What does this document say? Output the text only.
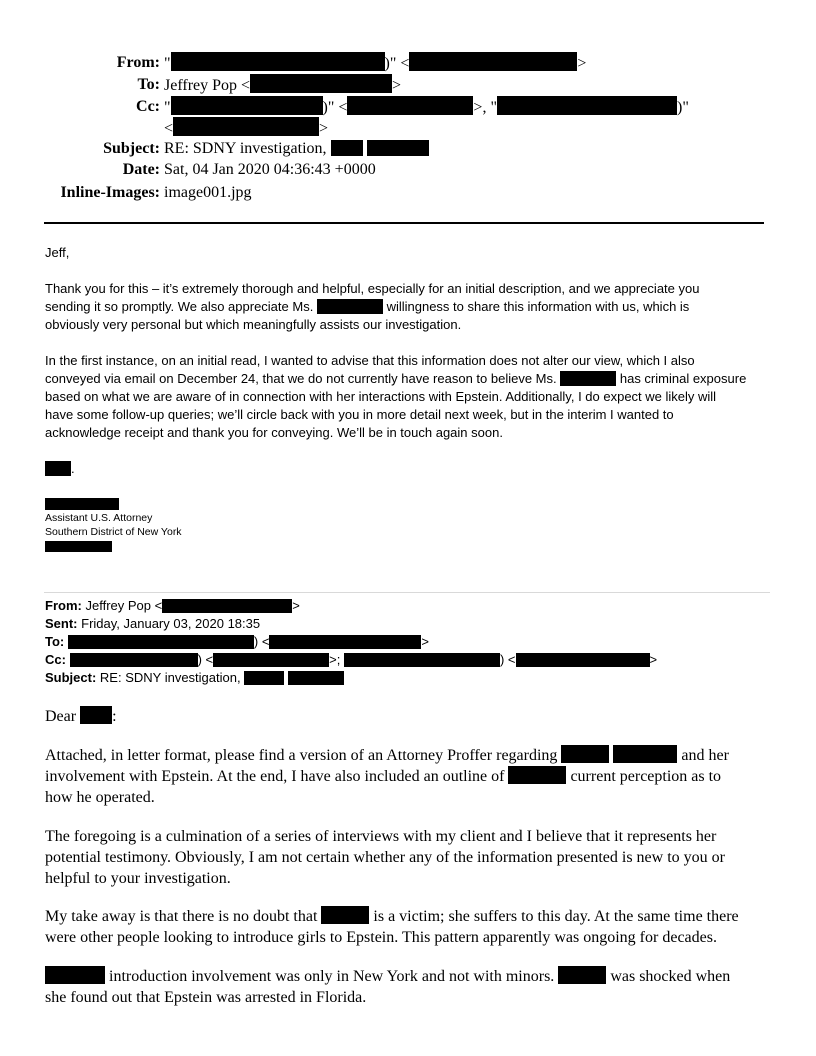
From: "	)" <	>
To: Jeffrey Pop <	>
Cc: "	)" <	>, "	)"
<	>
Subject: RE: SDNY investigation,
Date: Sat, 04 Jan 2020 04:36:43 +0000
Inline-Images: image001.jpg
Jeff,
Thank you for this – it’s extremely thorough and helpful, especially for an initial description, and we appreciate you
sending it so promptly. We also appreciate Ms.	willingness to share this information with us, which is
obviously very personal but which meaningfully assists our investigation.
In the first instance, on an initial read, I wanted to advise that this information does not alter our view, which I also
conveyed via email on December 24, that we do not currently have reason to believe Ms.	has criminal exposure
based on what we are aware of in connection with her interactions with Epstein. Additionally, I do expect we likely will
have some follow-up queries; we’ll circle back with you in more detail next week, but in the interim I wanted to
acknowledge receipt and thank you for conveying. We’ll be in touch again soon.
.
Assistant U.S. Attorney
Southern District of New York
From: Jeffrey Pop <	>
Sent: Friday, January 03, 2020 18:35
To:	) <	>
Cc:	) <	>;	) <	>
Subject: RE: SDNY investigation,
Dear :
Attached, in letter format, please find a version of an Attorney Proffer regarding	and her
involvement with Epstein. At the end, I have also included an outline of	current perception as to
how he operated.
The foregoing is a culmination of a series of interviews with my client and I believe that it represents her
potential testimony. Obviously, I am not certain whether any of the information presented is new to you or
helpful to your investigation.
My take away is that there is no doubt that	is a victim; she suffers to this day. At the same time there
were other people looking to introduce girls to Epstein. This pattern apparently was ongoing for decades.
introduction involvement was only in New York and not with minors.	was shocked when
she found out that Epstein was arrested in Florida.
